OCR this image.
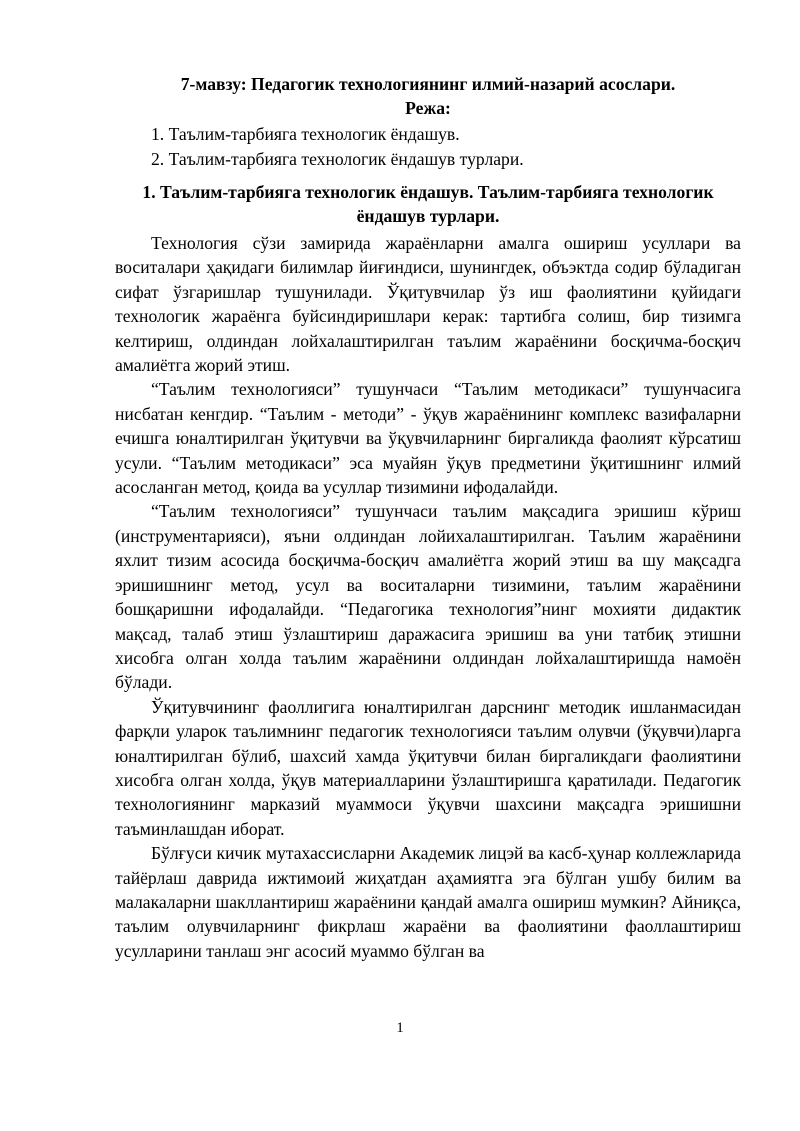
7-мавзу: Педагогик технологиянинг илмий-назарий асослари.
Режа:
1. Таълим-тарбияга технологик ёндашув.
2. Таълим-тарбияга технологик ёндашув турлари.
1. Таълим-тарбияга технологик ёндашув. Таълим-тарбияга технологик ёндашув турлари.

Технология сўзи замирида жараёнларни амалга ошириш усуллари ва воситалари ҳақидаги билимлар йиғиндиси, шунингдек, объэктда содир бўладиган сифат ўзгаришлар тушунилади. Ўқитувчилар ўз иш фаолиятини қуйидаги технологик жараёнга буйсиндиришлари керак: тартибга солиш, бир тизимга келтириш, олдиндан лойхалаштирилган таълим жараёнини босқичма-босқич амалиётга жорий этиш.

“Таълим технологияси” тушунчаси “Таълим методикаси” тушунчасига нисбатан кенгдир. “Таълим - методи” - ўқув жараёнининг комплекс вазифаларни ечишга юналтирилган ўқитувчи ва ўқувчиларнинг биргаликда фаолият кўрсатиш усули. “Таълим методикаси” эса муайян ўқув предметини ўқитишнинг илмий асосланган метод, қоида ва усуллар тизимини ифодалайди.

“Таълим технологияси” тушунчаси таълим мақсадига эришиш кўриш (инструментарияси), яъни олдиндан лойихалаштирилган. Таълим жараёнини яхлит тизим асосида босқичма-босқич амалиётга жорий этиш ва шу мақсадга эришишнинг метод, усул ва воситаларни тизимини, таълим жараёнини бошқаришни ифодалайди. “Педагогика технология”нинг мохияти дидактик мақсад, талаб этиш ўзлаштириш даражасига эришиш ва уни татбиқ этишни хисобга олган холда таълим жараёнини олдиндан лойхалаштиришда намоён бўлади.

Ўқитувчининг фаоллигига юналтирилган дарснинг методик ишланмасидан фарқли уларок таълимнинг педагогик технологияси таълим олувчи (ўқувчи)ларга юналтирилган бўлиб, шахсий хамда ўқитувчи билан биргаликдаги фаолиятини хисобга олган холда, ўқув материалларини ўзлаштиришга қаратилади. Педагогик технологиянинг марказий муаммоси ўқувчи шахсини мақсадга эришишни таъминлашдан иборат.

Бўлғуси кичик мутахассисларни Академик лицэй ва касб-ҳунар коллежларида тайёрлаш даврида ижтимоий жиҳатдан аҳамиятга эга бўлган ушбу билим ва малакаларни шакллантириш жараёнини қандай амалга ошириш мумкин? Айниқса, таълим олувчиларнинг фикрлаш жараёни ва фаолиятини фаоллаштириш усулларини танлаш энг асосий муаммо бўлган ва

1
